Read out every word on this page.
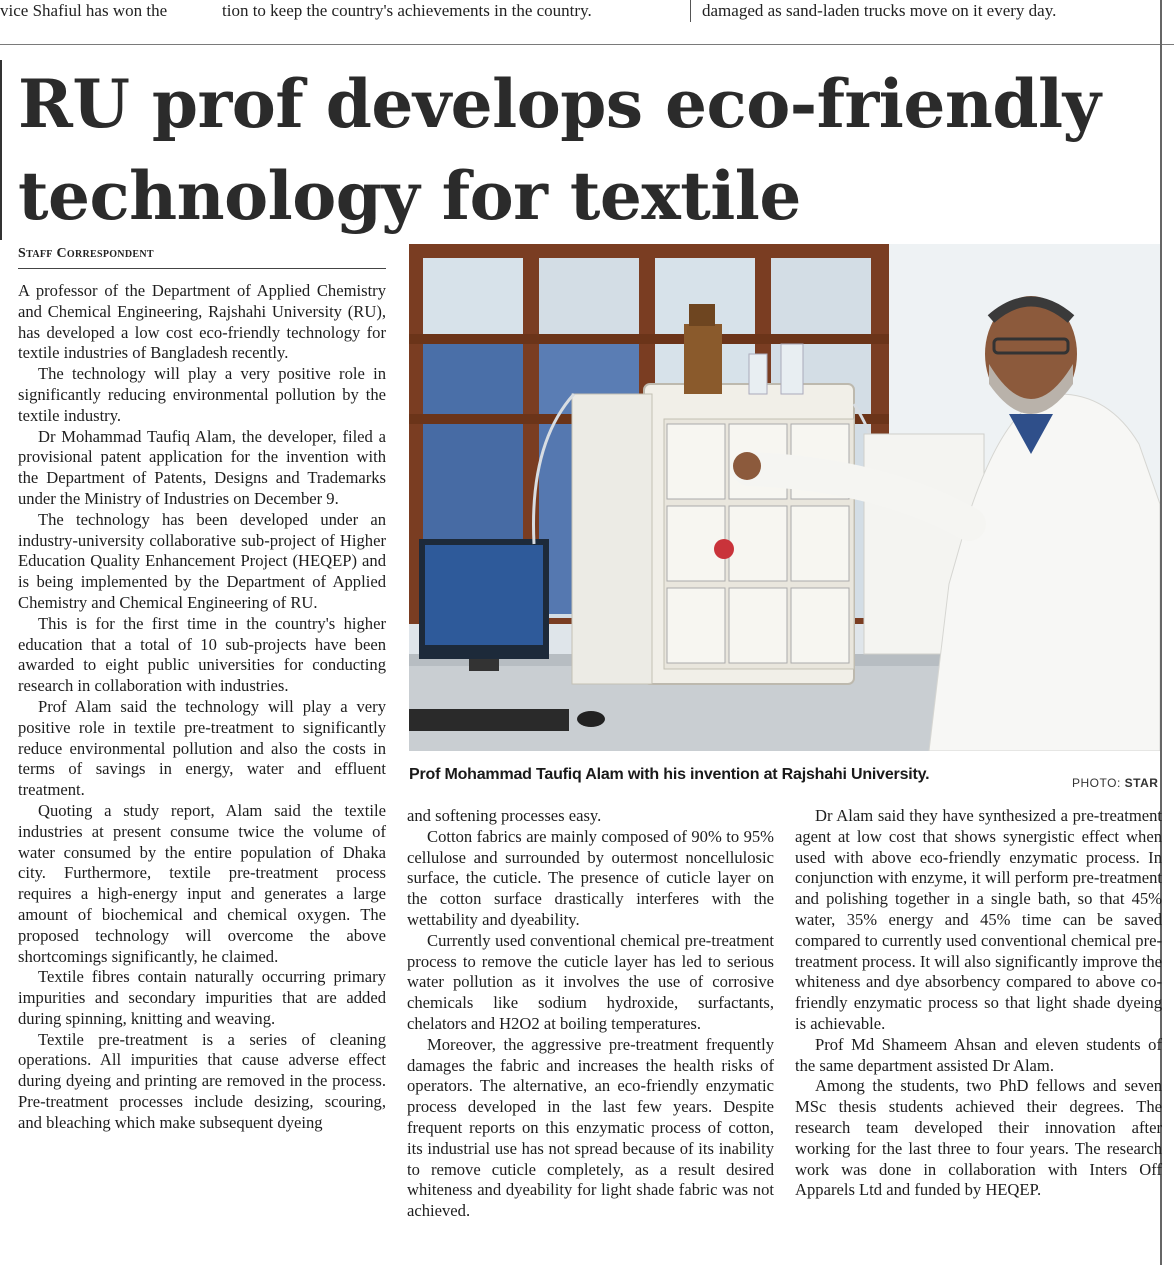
vice Shafiul has won the	tion to keep the country's achievements in the country.	damaged as sand-laden trucks move on it every day.
RU prof develops eco-friendly
technology for textile
Staff Correspondent

A professor of the Department of Applied Chemistry and Chemical Engineering, Rajshahi University (RU), has developed a low cost eco-friendly technology for textile industries of Bangladesh recently.

The technology will play a very positive role in significantly reducing environmental pollution by the textile industry.

Dr Mohammad Taufiq Alam, the developer, filed a provisional patent application for the invention with the Department of Patents, Designs and Trademarks under the Ministry of Industries on December 9.

The technology has been developed under an industry-university collaborative sub-project of Higher Education Quality Enhancement Project (HEQEP) and is being implemented by the Department of Applied Chemistry and Chemical Engineering of RU.

This is for the first time in the country's higher education that a total of 10 sub-projects have been awarded to eight public universities for conducting research in collaboration with industries.

Prof Alam said the technology will play a very positive role in textile pre-treatment to significantly reduce environmental pollution and also the costs in terms of savings in energy, water and effluent treatment.

Quoting a study report, Alam said the textile industries at present consume twice the volume of water consumed by the entire population of Dhaka city. Furthermore, textile pre-treatment process requires a high-energy input and generates a large amount of biochemical and chemical oxygen. The proposed technology will overcome the above shortcomings significantly, he claimed.

Textile fibres contain naturally occurring primary impurities and secondary impurities that are added during spinning, knitting and weaving.

Textile pre-treatment is a series of cleaning operations. All impurities that cause adverse effect during dyeing and printing are removed in the process. Pre-treatment processes include desizing, scouring, and bleaching which make subsequent dyeing

Prof Mohammad Taufiq Alam with his invention at Rajshahi University.	PHOTO: STAR

and softening processes easy.

Cotton fabrics are mainly composed of 90% to 95% cellulose and surrounded by outermost noncellulosic surface, the cuticle. The presence of cuticle layer on the cotton surface drastically interferes with the wettability and dyeability.

Currently used conventional chemical pre-treatment process to remove the cuticle layer has led to serious water pollution as it involves the use of corrosive chemicals like sodium hydroxide, surfactants, chelators and H2O2 at boiling temperatures.

Moreover, the aggressive pre-treatment frequently damages the fabric and increases the health risks of operators. The alternative, an eco-friendly enzymatic process developed in the last few years. Despite frequent reports on this enzymatic process of cotton, its industrial use has not spread because of its inability to remove cuticle completely, as a result desired whiteness and dyeability for light shade fabric was not achieved.

Dr Alam said they have synthesized a pre-treatment agent at low cost that shows synergistic effect when used with above eco-friendly enzymatic process. In conjunction with enzyme, it will perform pre-treatment and polishing together in a single bath, so that 45% water, 35% energy and 45% time can be saved compared to currently used conventional chemical pre-treatment process. It will also significantly improve the whiteness and dye absorbency compared to above co-friendly enzymatic process so that light shade dyeing is achievable.

Prof Md Shameem Ahsan and eleven students of the same department assisted Dr Alam.

Among the students, two PhD fellows and seven MSc thesis students achieved their degrees. The research team developed their innovation after working for the last three to four years. The research work was done in collaboration with Inters Off Apparels Ltd and funded by HEQEP.
